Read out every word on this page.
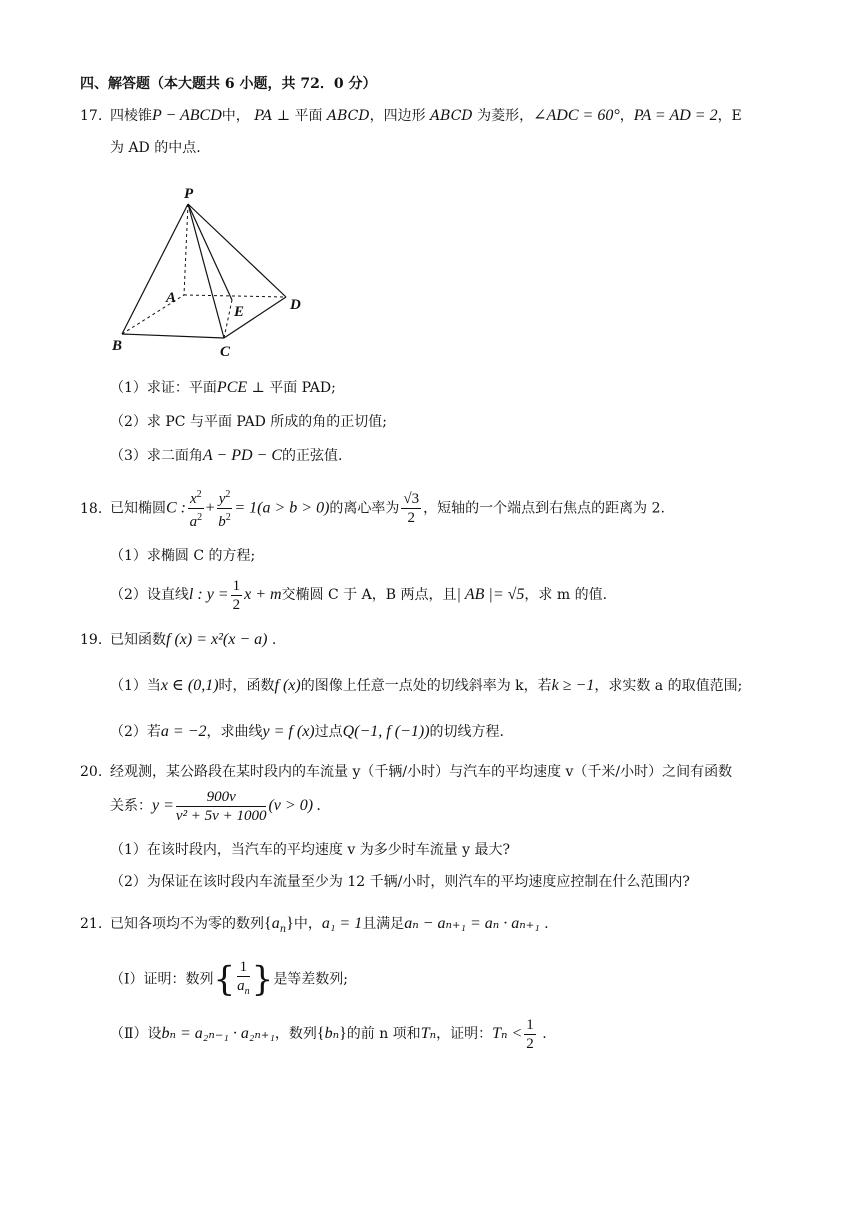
四、解答题（本大题共 6 小题，共 72．0 分）
17. 四棱锥P − ABCD中， PA ⊥ 平面 ABCD，四边形 ABCD 为菱形，∠ADC = 60°，PA = AD = 2，E
为 AD 的中点.
P
A
B	C
D
E
（1）求证：平面PCE ⊥ 平面 PAD;
（2）求 PC 与平面 PAD 所成的角的正切值;
（3）求二面角A − PD − C的正弦值.
18. 已知椭圆C : $\frac{x^2}{a^2} + \frac{y^2}{b^2} = 1(a > b > 0)$的离心率为 $\frac{√3}{2}$ ，短轴的一个端点到右焦点的距离为 2.
（1）求椭圆 C 的方程;
（2）设直线l : $y = \frac{1}{2}$ x + m交椭圆 C 于 A，B 两点，且| AB |= √5，求 m 的值.
19. 已知函数f (x) = x²(x − a) .
（1）当x ∈ (0,1)时，函数f (x)的图像上任意一点处的切线斜率为 k，若k ≥ −1，求实数 a 的取值范围;
（2）若a = −2，求曲线y = f (x)过点Q(−1, f (−1))的切线方程.
20. 经观测，某公路段在某时段内的车流量 y（千辆/小时）与汽车的平均速度 v（千米/小时）之间有函数
关系：$y = \frac{900v}{\text{v² + 5v + 1000}} (v > 0)$ .
（1）在该时段内，当汽车的平均速度 v 为多少时车流量 y 最大?
（2）为保证在该时段内车流量至少为 12 千辆/小时，则汽车的平均速度应控制在什么范围内?
21. 已知各项均不为零的数列$\{a_n\}$中，a₁ = 1且满足aₙ − aₙ₊₁ = aₙ · aₙ₊₁ .
（Ⅰ）证明：数列{ $\frac{1}{a_n}$ }是等差数列;
（Ⅱ）设bₙ = a₂ₙ₋₁ · a₂ₙ₊₁，数列{bₙ}的前 n 项和Tₙ，证明：$T_n < \frac{1}{2}$ .
